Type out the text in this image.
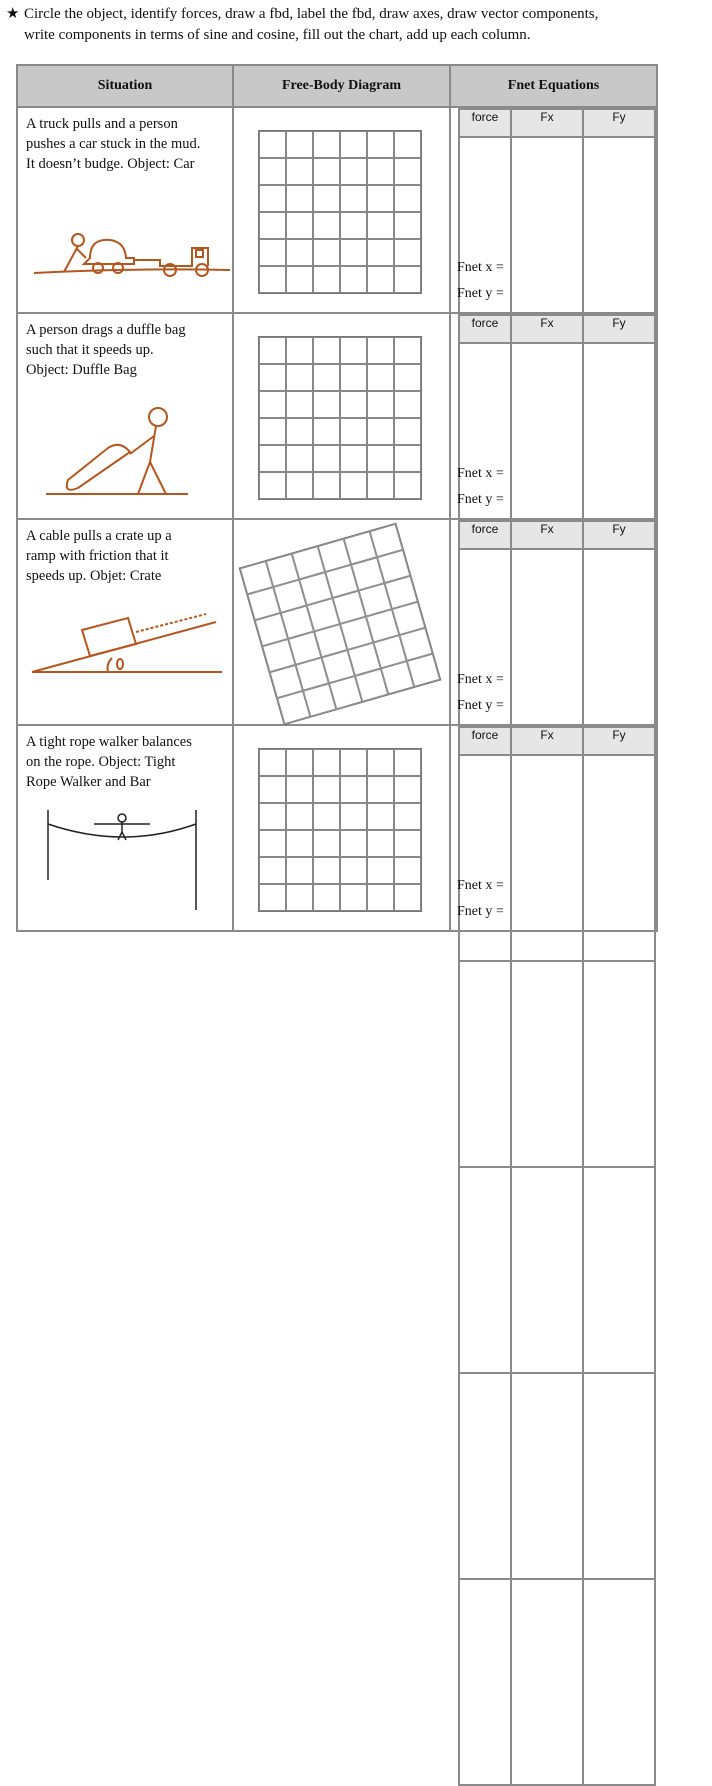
★ Circle the object, identify forces, draw a fbd, label the fbd, draw axes, draw vector components,
write components in terms of sine and cosine, fill out the chart, add up each column.
Situation	Free-Body Diagram	Fnet Equations

A truck pulls and a person
pushes a car stuck in the mud.
It doesn’t budge. Object: Car

force	Fx	Fy

Fnet x =
Fnet y =

A person drags a duffle bag
such that it speeds up.
Object: Duffle Bag

force	Fx	Fy

Fnet x =
Fnet y =

A cable pulls a crate up a
ramp with friction that it
speeds up. Objet: Crate

force	Fx	Fy

Fnet x =
Fnet y =

A tight rope walker balances
on the rope. Object: Tight
Rope Walker and Bar

force	Fx	Fy

Fnet x =
Fnet y =
